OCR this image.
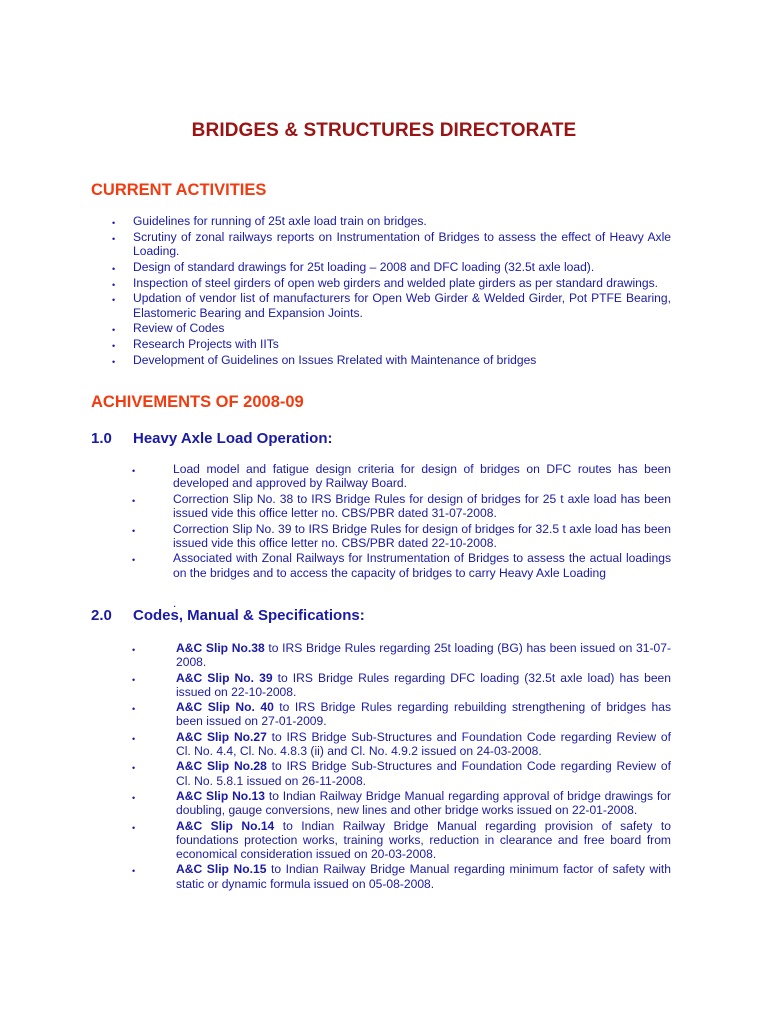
BRIDGES & STRUCTURES DIRECTORATE
CURRENT ACTIVITIES
• Guidelines for running of 25t axle load train on bridges.
• Scrutiny of zonal railways reports on Instrumentation of Bridges to assess the effect of Heavy Axle Loading.
• Design of standard drawings for 25t loading – 2008 and DFC loading (32.5t axle load).
• Inspection of steel girders of open web girders and welded plate girders as per standard drawings.
• Updation of vendor list of manufacturers for Open Web Girder & Welded Girder, Pot PTFE Bearing, Elastomeric Bearing and Expansion Joints.
• Review of Codes
• Research Projects with IITs
• Development of Guidelines on Issues Rrelated with Maintenance of bridges
ACHIVEMENTS OF 2008-09
1.0 Heavy Axle Load Operation:
•	Load model and fatigue design criteria for design of bridges on DFC routes has been developed and approved by Railway Board.
•	Correction Slip No. 38 to IRS Bridge Rules for design of bridges for 25 t axle load has been issued vide this office letter no. CBS/PBR dated 31-07-2008.
•	Correction Slip No. 39 to IRS Bridge Rules for design of bridges for 32.5 t axle load has been issued vide this office letter no. CBS/PBR dated 22-10-2008.
•	Associated with Zonal Railways for Instrumentation of Bridges to assess the actual loadings on the bridges and to access the capacity of bridges to carry Heavy Axle Loading
.
2.0 Codes, Manual & Specifications:
•	A&C Slip No.38 to IRS Bridge Rules regarding 25t loading (BG) has been issued on 31-07-2008.
•	A&C Slip No. 39 to IRS Bridge Rules regarding DFC loading (32.5t axle load) has been issued on 22-10-2008.
•	A&C Slip No. 40 to IRS Bridge Rules regarding rebuilding strengthening of bridges has been issued on 27-01-2009.
•	A&C Slip No.27 to IRS Bridge Sub-Structures and Foundation Code regarding Review of Cl. No. 4.4, Cl. No. 4.8.3 (ii) and Cl. No. 4.9.2 issued on 24-03-2008.
•	A&C Slip No.28 to IRS Bridge Sub-Structures and Foundation Code regarding Review of Cl. No. 5.8.1 issued on 26-11-2008.
•	A&C Slip No.13 to Indian Railway Bridge Manual regarding approval of bridge drawings for doubling, gauge conversions, new lines and other bridge works issued on 22-01-2008.
•	A&C Slip No.14 to Indian Railway Bridge Manual regarding provision of safety to foundations protection works, training works, reduction in clearance and free board from economical consideration issued on 20-03-2008.
•	A&C Slip No.15 to Indian Railway Bridge Manual regarding minimum factor of safety with static or dynamic formula issued on 05-08-2008.
